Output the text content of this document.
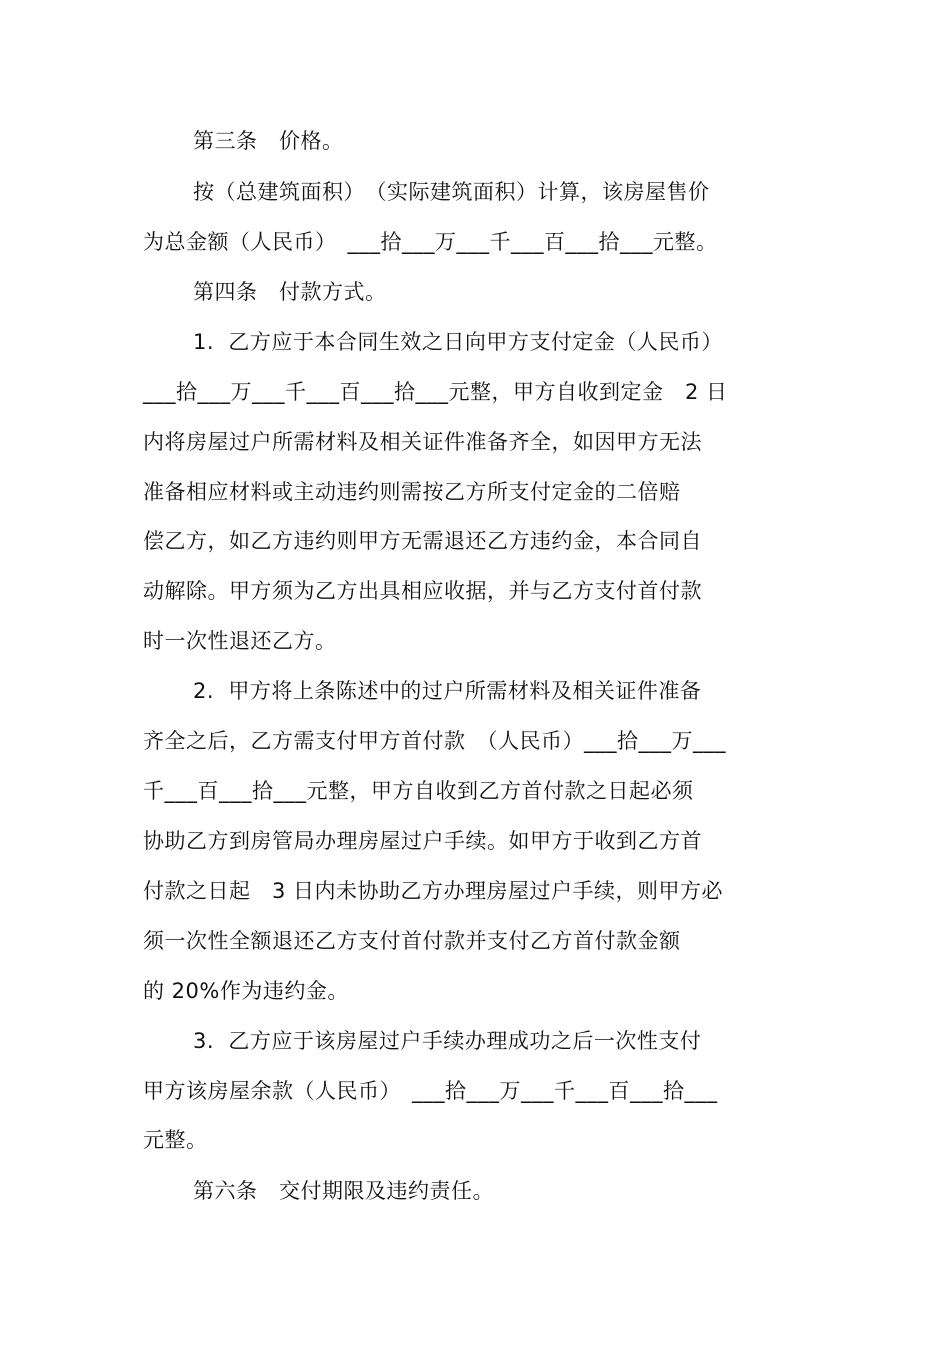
第三条　价格。
按（总建筑面积）　（实际建筑面积）计算，该房屋售价
为总金额（人民币）　___拾___万___千___百___拾___元整。
第四条　付款方式。
1.  乙方应于本合同生效之日向甲方支付定金（人民币）
___拾___万___千___百___拾___元整，甲方自收到定金　2 日
内将房屋过户所需材料及相关证件准备齐全，如因甲方无法
准备相应材料或主动违约则需按乙方所支付定金的二倍赔
偿乙方，如乙方违约则甲方无需退还乙方违约金，本合同自
动解除。甲方须为乙方出具相应收据，并与乙方支付首付款
时一次性退还乙方。
2.  甲方将上条陈述中的过户所需材料及相关证件准备
齐全之后，乙方需支付甲方首付款　（人民币）___拾___万___
千___百___拾___元整，甲方自收到乙方首付款之日起必须
协助乙方到房管局办理房屋过户手续。如甲方于收到乙方首
付款之日起　3 日内未协助乙方办理房屋过户手续，则甲方必
须一次性全额退还乙方支付首付款并支付乙方首付款金额
的 20%作为违约金。
3.  乙方应于该房屋过户手续办理成功之后一次性支付
甲方该房屋余款（人民币）　___拾___万___千___百___拾___
元整。
第六条　交付期限及违约责任。
